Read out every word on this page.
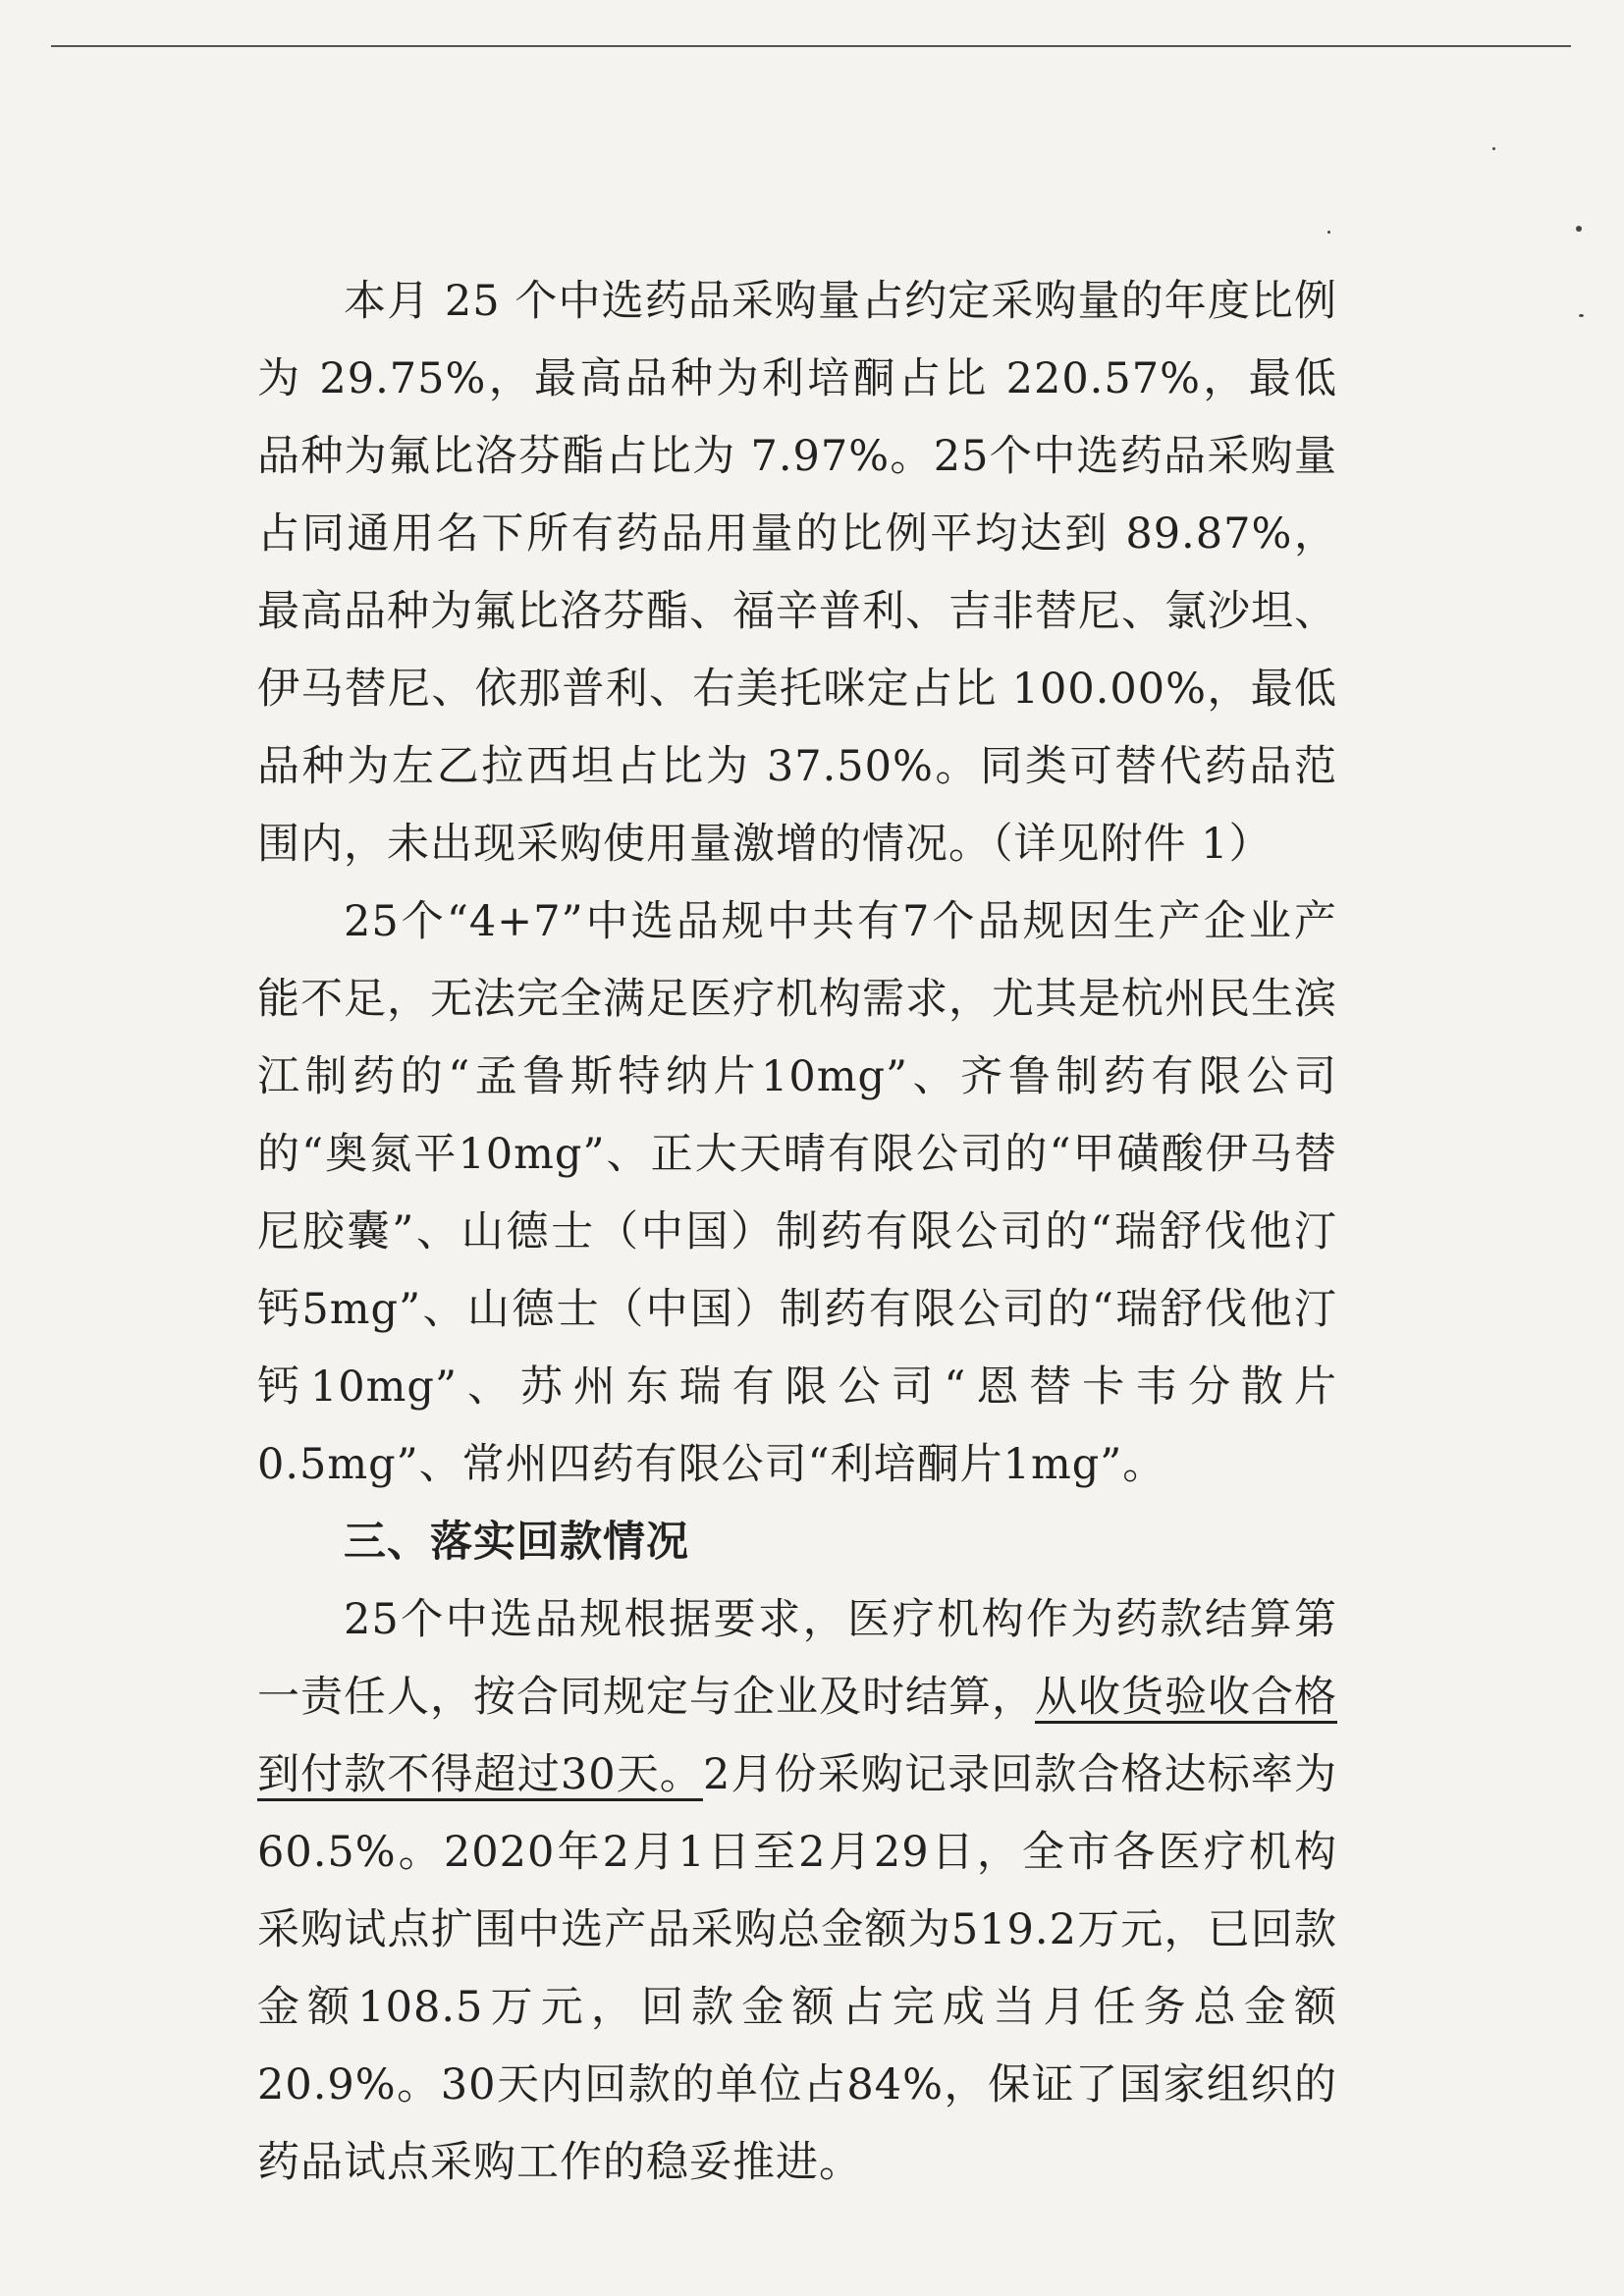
本月 25 个中选药品采购量占约定采购量的年度比例为 29.75%，最高品种为利培酮占比 220.57%，最低品种为氟比洛芬酯占比为 7.97%。25个中选药品采购量占同通用名下所有药品用量的比例平均达到 89.87%，最高品种为氟比洛芬酯、福辛普利、吉非替尼、氯沙坦、伊马替尼、依那普利、右美托咪定占比 100.00%，最低品种为左乙拉西坦占比为 37.50%。同类可替代药品范围内，未出现采购使用量激增的情况。（详见附件 1）

25个“4+7”中选品规中共有7个品规因生产企业产能不足，无法完全满足医疗机构需求，尤其是杭州民生滨江制药的“孟鲁斯特纳片10mg”、齐鲁制药有限公司的“奥氮平10mg”、正大天晴有限公司的“甲磺酸伊马替尼胶囊”、山德士（中国）制药有限公司的“瑞舒伐他汀钙5mg”、山德士（中国）制药有限公司的“瑞舒伐他汀钙10mg”、苏州东瑞有限公司“恩替卡韦分散片0.5mg”、常州四药有限公司“利培酮片1mg”。

三、落实回款情况

25个中选品规根据要求，医疗机构作为药款结算第一责任人，按合同规定与企业及时结算，从收货验收合格到付款不得超过30天。2月份采购记录回款合格达标率为60.5%。2020年2月1日至2月29日，全市各医疗机构采购试点扩围中选产品采购总金额为519.2万元，已回款金额108.5万元，回款金额占完成当月任务总金额20.9%。30天内回款的单位占84%，保证了国家组织的药品试点采购工作的稳妥推进。
